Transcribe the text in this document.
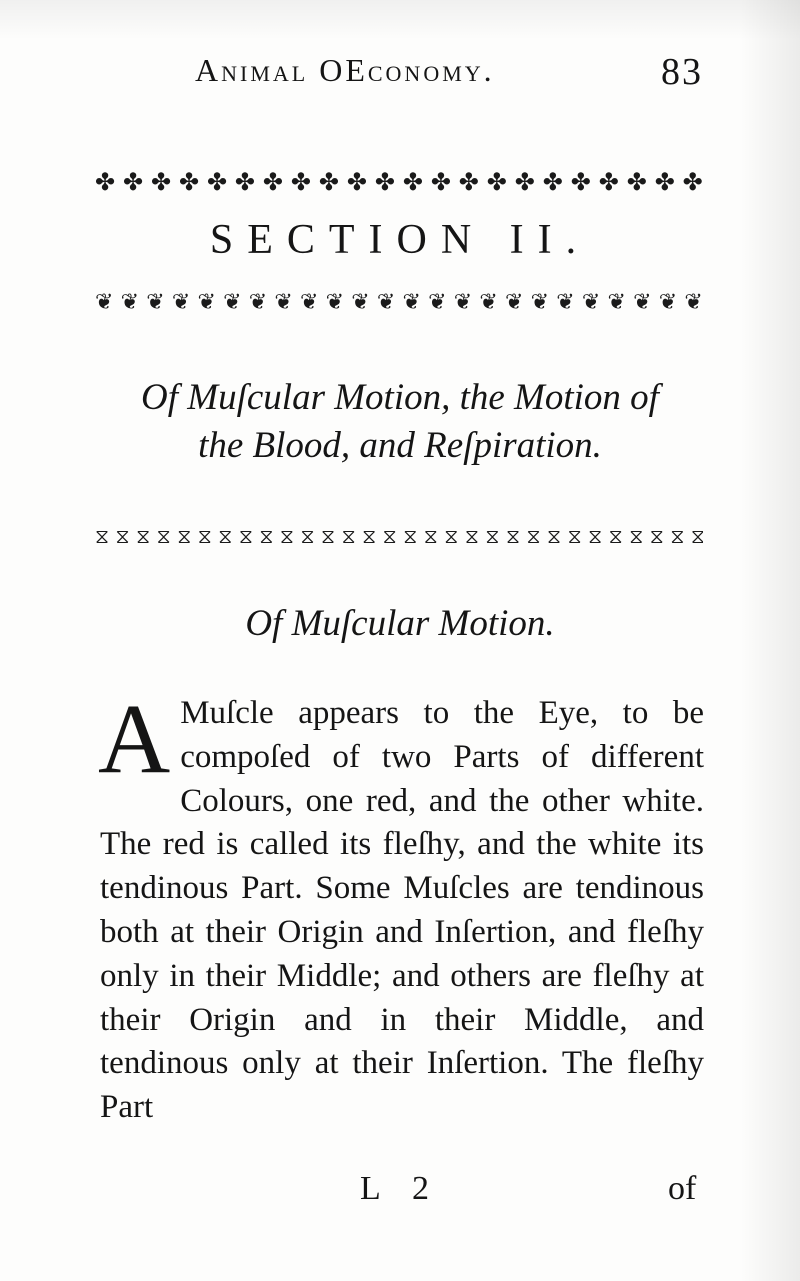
Animal OEconomy.	83
✤ ✤ ✤ ✤ ✤ ✤ ✤ ✤ ✤ ✤ ✤ ✤ ✤ ✤ ✤ ✤ ✤ ✤ ✤ ✤ ✤ ✤
SECTION II.
❦ ❦ ❦ ❦ ❦ ❦ ❦ ❦ ❦ ❦ ❦ ❦ ❦ ❦ ❦ ❦ ❦ ❦ ❦ ❦ ❦ ❦ ❦ ❦
Of Muſcular Motion, the Motion of
the Blood, and Reſpiration.
⧖ ⧖ ⧖ ⧖ ⧖ ⧖ ⧖ ⧖ ⧖ ⧖ ⧖ ⧖ ⧖ ⧖ ⧖ ⧖ ⧖ ⧖ ⧖ ⧖ ⧖ ⧖ ⧖ ⧖ ⧖ ⧖ ⧖ ⧖ ⧖ ⧖
Of Muſcular Motion.
A Muſcle appears to the Eye, to be compoſed of two Parts of different Colours, one red, and the other white. The red is called its fleſhy, and the white its tendinous Part. Some Muſcles are tendinous both at their Origin and Inſertion, and fleſhy only in their Middle; and others are fleſhy at their Origin and in their Middle, and tendinous only at their Inſertion. The fleſhy Part
L 2	of
